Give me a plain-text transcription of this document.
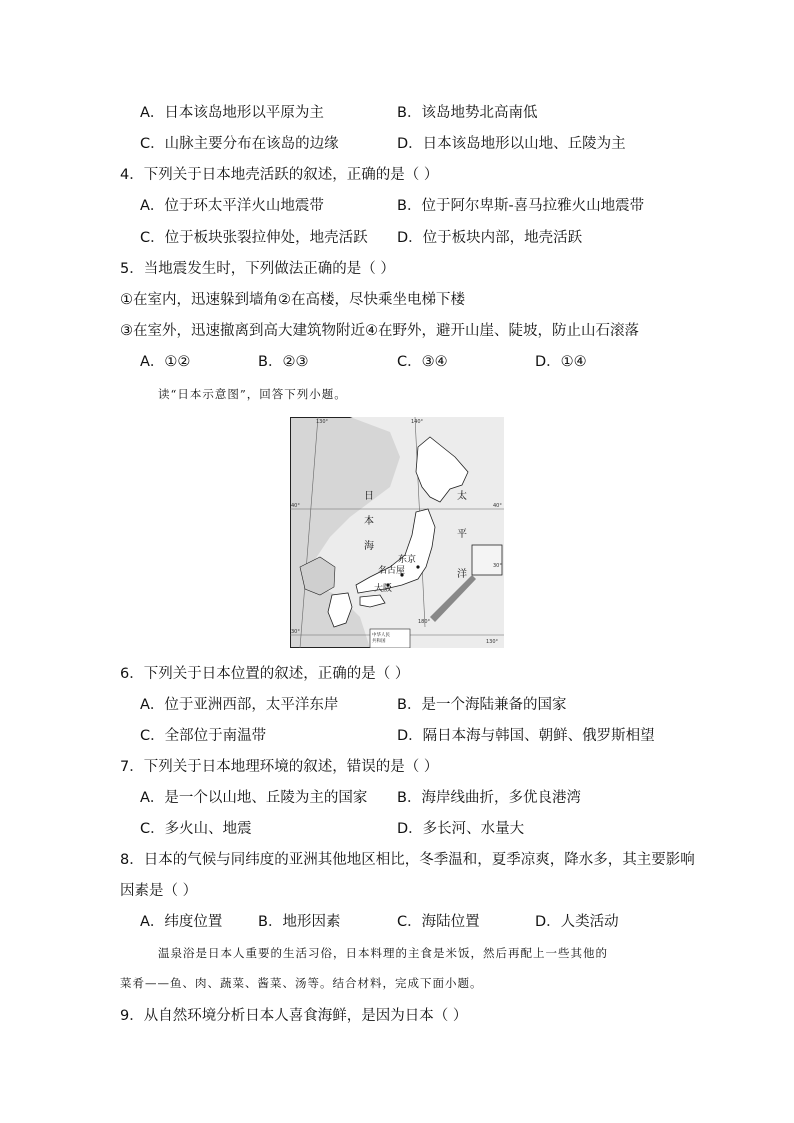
A．日本该岛地形以平原为主	B．该岛地势北高南低
C．山脉主要分布在该岛的边缘	D．日本该岛地形以山地、丘陵为主
4．下列关于日本地壳活跃的叙述，正确的是（ ）
A．位于环太平洋火山地震带	B．位于阿尔卑斯-喜马拉雅火山地震带
C．位于板块张裂拉伸处，地壳活跃 D．位于板块内部，地壳活跃
5．当地震发生时，下列做法正确的是（ ）
①在室内，迅速躲到墙角②在高楼，尽快乘坐电梯下楼
③在室外，迅速撤离到高大建筑物附近④在野外，避开山崖、陡坡，防止山石滚落
A．①②	B．②③	C．③④	D．①④
读“日本示意图”，回答下列小题。
日
本
海
太
平
洋
东京
名古屋
大阪
130°	140°
40°	40°
30°
30°
130°
180°
中华人民
共和国
6．下列关于日本位置的叙述，正确的是（ ）
A．位于亚洲西部，太平洋东岸	B．是一个海陆兼备的国家
C．全部位于南温带	D．隔日本海与韩国、朝鲜、俄罗斯相望
7．下列关于日本地理环境的叙述，错误的是（ ）
A．是一个以山地、丘陵为主的国家 B．海岸线曲折，多优良港湾
C．多火山、地震	D．多长河、水量大
8．日本的气候与同纬度的亚洲其他地区相比，冬季温和，夏季凉爽，降水多，其主要影响
因素是（ ）
A．纬度位置 B．地形因素	C．海陆位置	D．人类活动
温泉浴是日本人重要的生活习俗，日本料理的主食是米饭，然后再配上一些其他的
菜肴——鱼、肉、蔬菜、酱菜、汤等。结合材料，完成下面小题。
9．从自然环境分析日本人喜食海鲜，是因为日本（ ）
